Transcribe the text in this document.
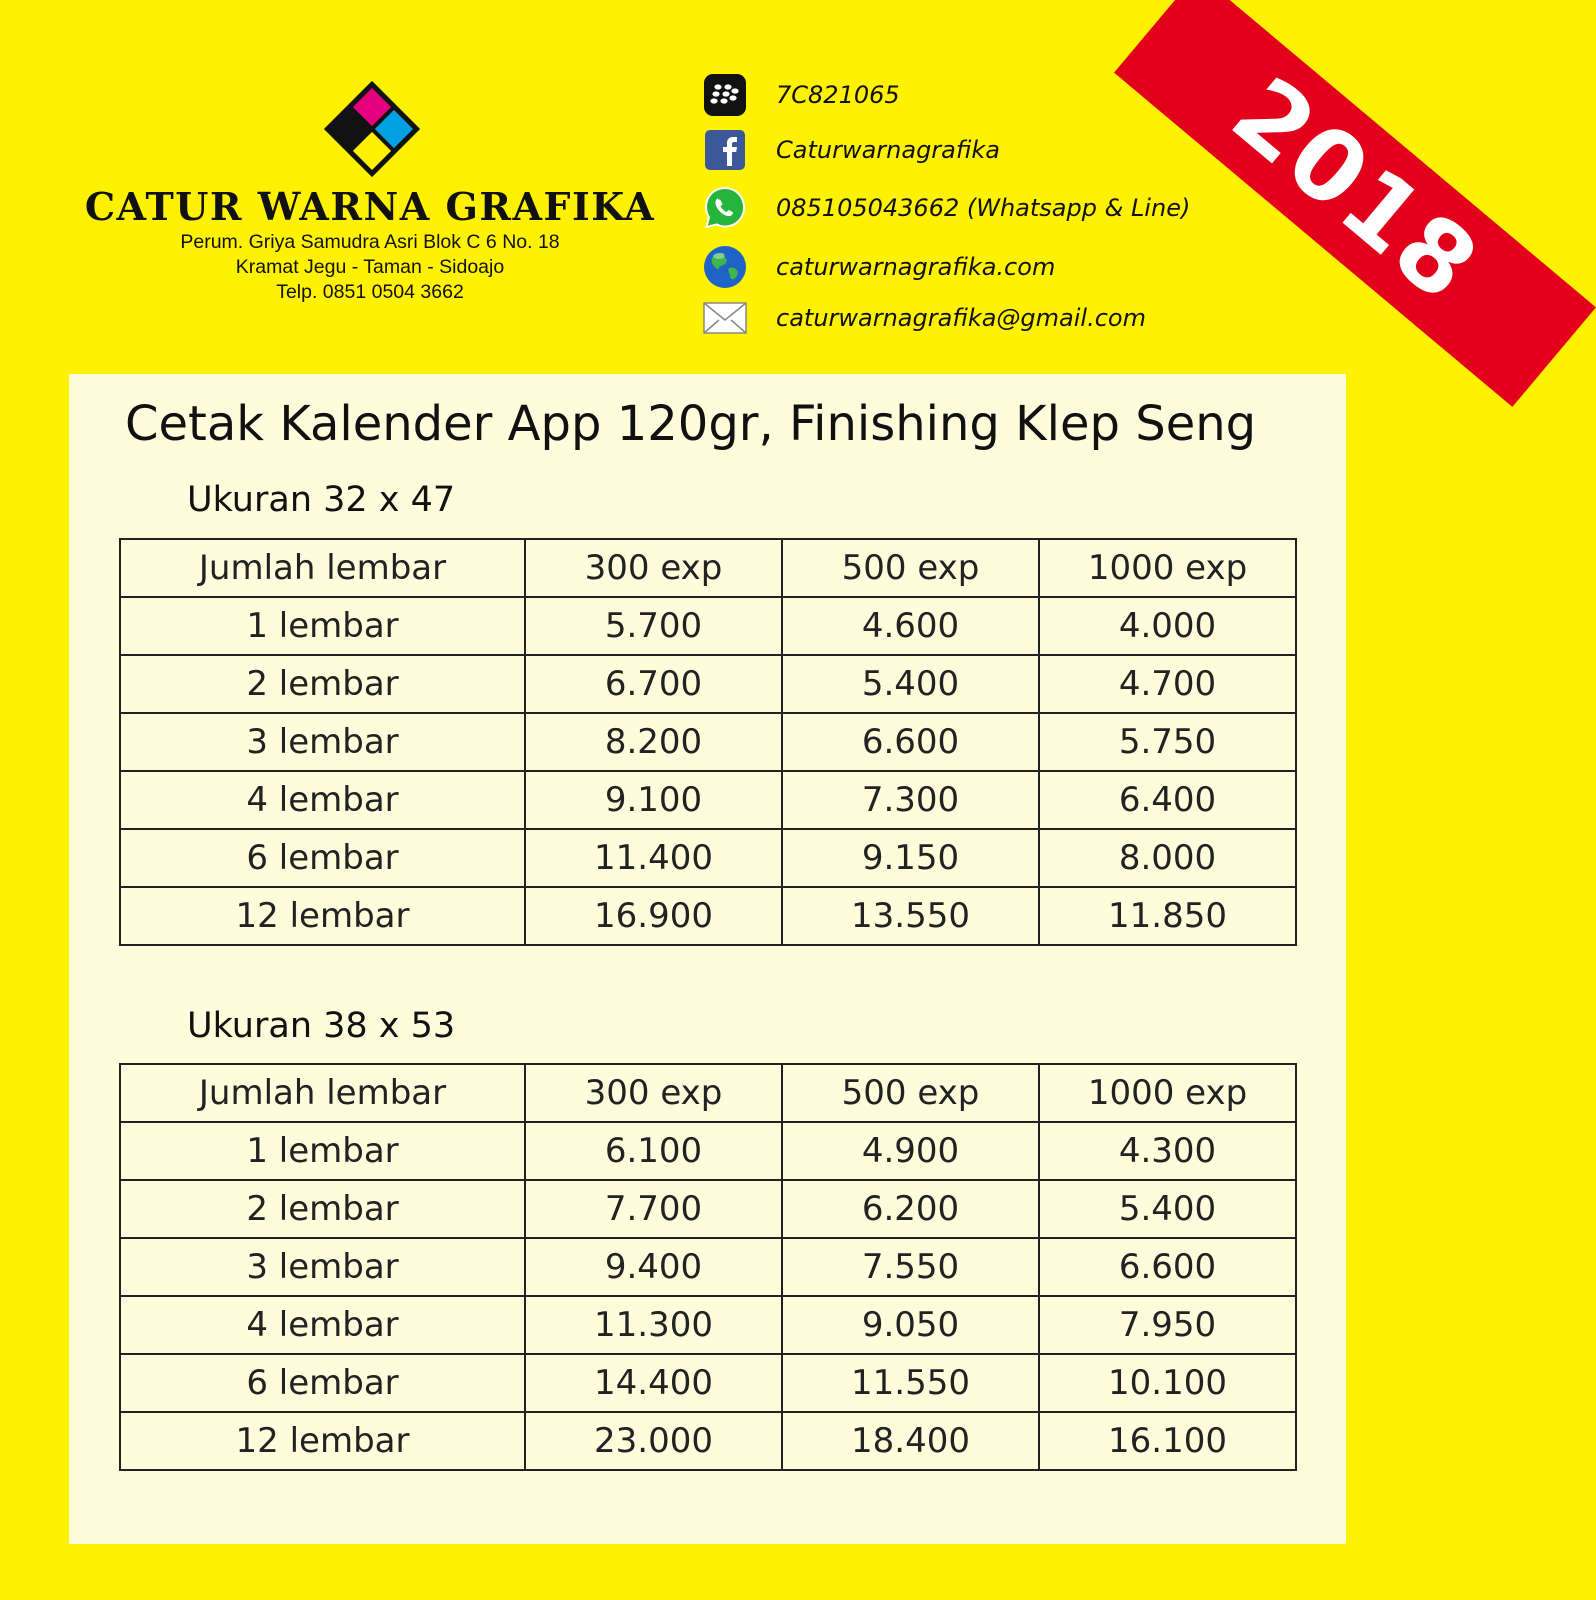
2018
CATUR WARNA GRAFIKA
Perum. Griya Samudra Asri Blok C 6 No. 18
Kramat Jegu - Taman - Sidoajo
Telp. 0851 0504 3662
7C821065
Caturwarnagrafika
085105043662 (Whatsapp & Line)
caturwarnagrafika.com
caturwarnagrafika@gmail.com
Cetak Kalender App 120gr, Finishing Klep Seng
Ukuran 32 x 47
Jumlah lembar	300 exp	500 exp	1000 exp
1 lembar	5.700	4.600	4.000
2 lembar	6.700	5.400	4.700
3 lembar	8.200	6.600	5.750
4 lembar	9.100	7.300	6.400
6 lembar	11.400	9.150	8.000
12 lembar	16.900	13.550	11.850
Ukuran 38 x 53
Jumlah lembar	300 exp	500 exp	1000 exp
1 lembar	6.100	4.900	4.300
2 lembar	7.700	6.200	5.400
3 lembar	9.400	7.550	6.600
4 lembar	11.300	9.050	7.950
6 lembar	14.400	11.550	10.100
12 lembar	23.000	18.400	16.100
